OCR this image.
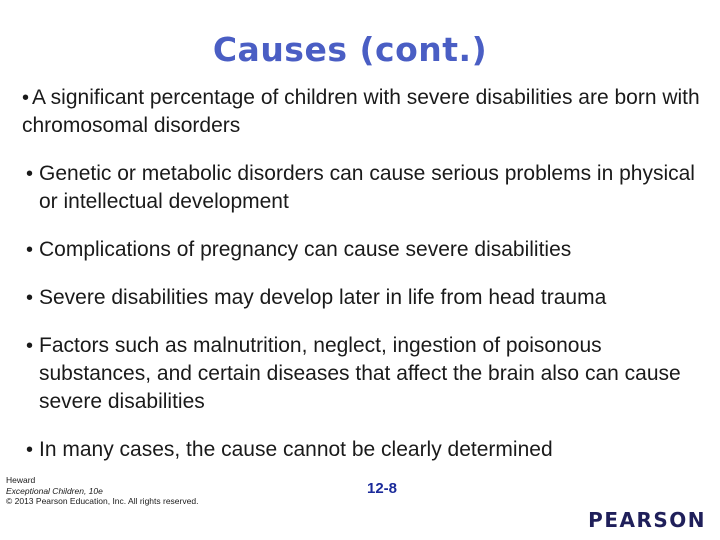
Causes (cont.)
• A significant percentage of children with severe disabilities are born with chromosomal disorders
• Genetic or metabolic disorders can cause serious problems in physical or intellectual development
• Complications of pregnancy can cause severe disabilities
• Severe disabilities may develop later in life from head trauma
• Factors such as malnutrition, neglect, ingestion of poisonous substances, and certain diseases that affect the brain also can cause severe disabilities
• In many cases, the cause cannot be clearly determined
Heward
Exceptional Children, 10e
© 2013 Pearson Education, Inc. All rights reserved.
12-8
PEARSON
